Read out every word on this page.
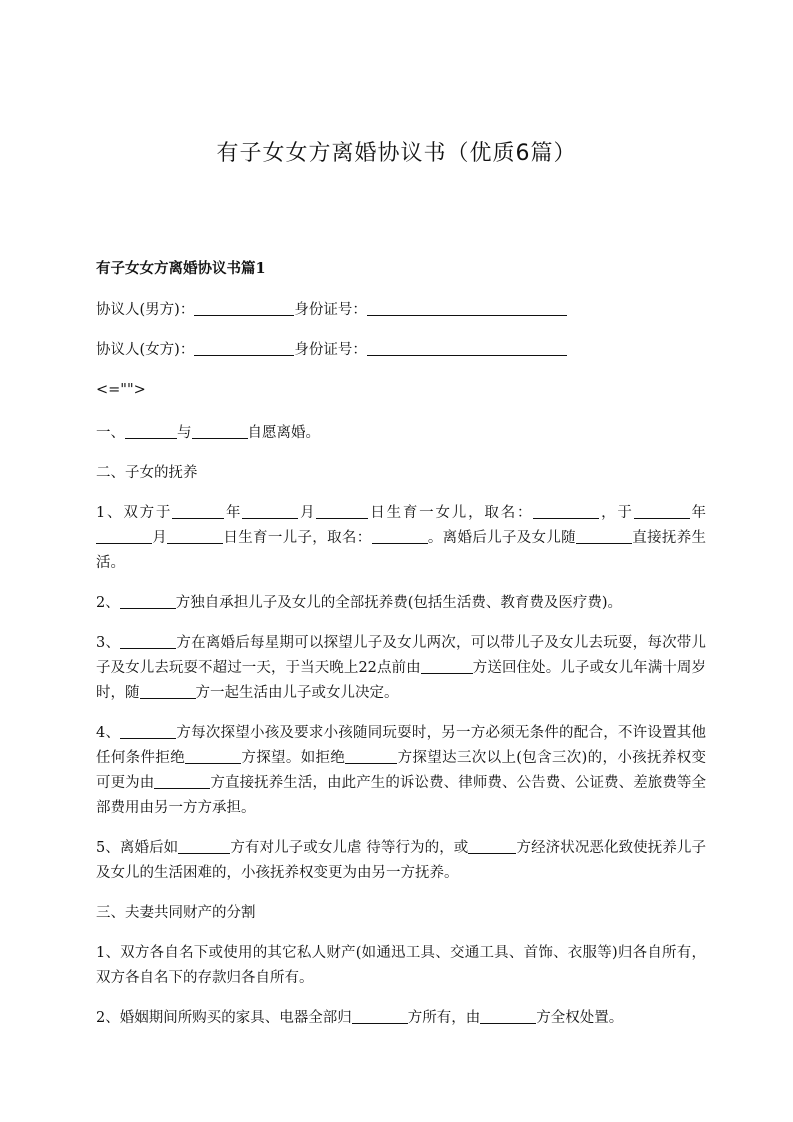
有子女女方离婚协议书（优质6篇）
有子女女方离婚协议书篇1
协议人(男方)：	身份证号：
协议人(女方)：	身份证号：
<="">
一、	与	自愿离婚。
二、子女的抚养
1、双方于	年	月	日生育一女儿，取名：	，于	年月	日生育一儿子，取名：	。离婚后儿子及女儿随	直接抚养生活。
2、	方独自承担儿子及女儿的全部抚养费(包括生活费、教育费及医疗费)。
3、	方在离婚后每星期可以探望儿子及女儿两次，可以带儿子及女儿去玩耍，每次带儿子及女儿去玩耍不超过一天，于当天晚上22点前由	方送回住处。儿子或女儿年满十周岁时，随	方一起生活由儿子或女儿决定。
4、	方每次探望小孩及要求小孩随同玩耍时，另一方必须无条件的配合，不许设置其他任何条件拒绝	方探望。如拒绝	方探望达三次以上(包含三次)的，小孩抚养权变可更为由	方直接抚养生活，由此产生的诉讼费、律师费、公告费、公证费、差旅费等全部费用由另一方方承担。
5、离婚后如	方有对儿子或女儿虐 待等行为的，或	方经济状况恶化致使抚养儿子及女儿的生活困难的，小孩抚养权变更为由另一方抚养。
三、夫妻共同财产的分割
1、双方各自名下或使用的其它私人财产(如通迅工具、交通工具、首饰、衣服等)归各自所有，双方各自名下的存款归各自所有。
2、婚姻期间所购买的家具、电器全部归	方所有，由	方全权处置。
